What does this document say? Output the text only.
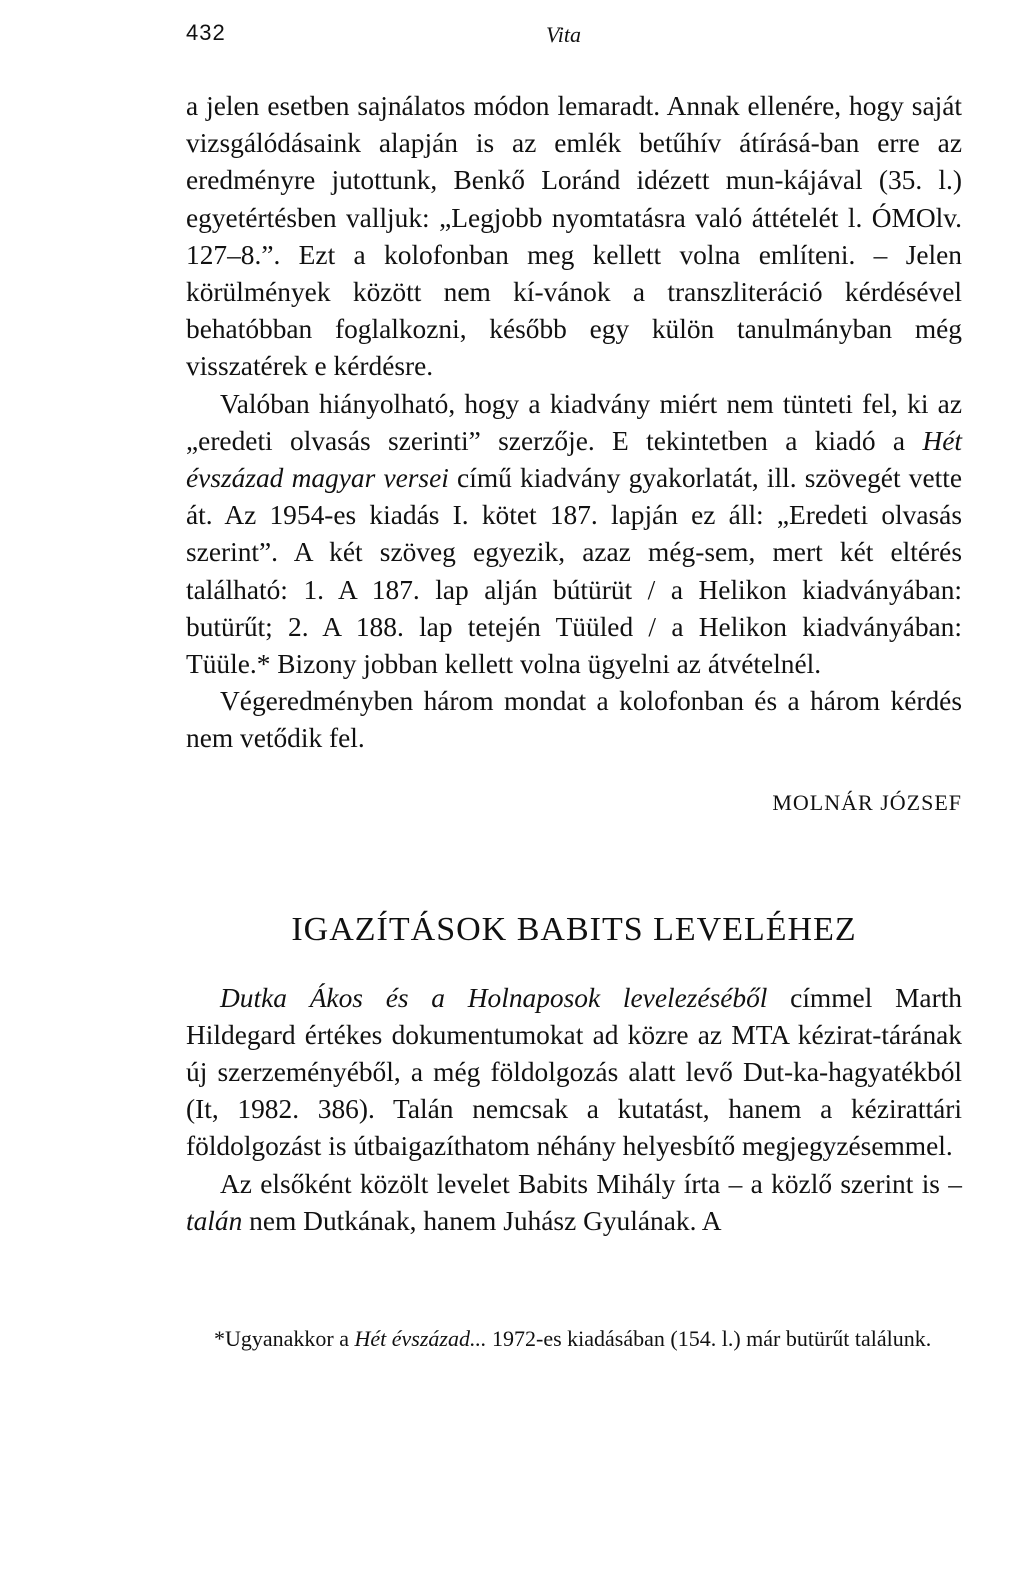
432	Vita

a jelen esetben sajnálatos módon lemaradt. Annak ellenére, hogy saját vizsgálódásaink alapján is az emlék betűhív átírásá-ban erre az eredményre jutottunk, Benkő Loránd idézett mun-kájával (35. l.) egyetértésben valljuk: „Legjobb nyomtatásra való áttételét l. ÓMOlv. 127–8.”. Ezt a kolofonban meg kellett volna említeni. – Jelen körülmények között nem kí-vánok a transzliteráció kérdésével behatóbban foglalkozni, később egy külön tanulmányban még visszatérek e kérdésre.

Valóban hiányolható, hogy a kiadvány miért nem tünteti fel, ki az „eredeti olvasás szerinti” szerzője. E tekintetben a kiadó a Hét évszázad magyar versei című kiadvány gyakorlatát, ill. szövegét vette át. Az 1954-es kiadás I. kötet 187. lapján ez áll: „Eredeti olvasás szerint”. A két szöveg egyezik, azaz még-sem, mert két eltérés található: 1. A 187. lap alján bútürüt / a Helikon kiadványában: butürűt; 2. A 188. lap tetején Tüüled / a Helikon kiadványában: Tüüle.* Bizony jobban kellett volna ügyelni az átvételnél.

Végeredményben három mondat a kolofonban és a három kérdés nem vetődik fel.

MOLNÁR JÓZSEF
IGAZÍTÁSOK BABITS LEVELÉHEZ

Dutka Ákos és a Holnaposok levelezéséből címmel Marth Hildegard értékes dokumentumokat ad közre az MTA kézirat-tárának új szerzeményéből, a még földolgozás alatt levő Dut-ka-hagyatékból (It, 1982. 386). Talán nemcsak a kutatást, hanem a kézirattári földolgozást is útbaigazíthatom néhány helyesbítő megjegyzésemmel.

Az elsőként közölt levelet Babits Mihály írta – a közlő szerint is – talán nem Dutkának, hanem Juhász Gyulának. A

*Ugyanakkor a Hét évszázad... 1972-es kiadásában (154. l.) már butürűt találunk.
